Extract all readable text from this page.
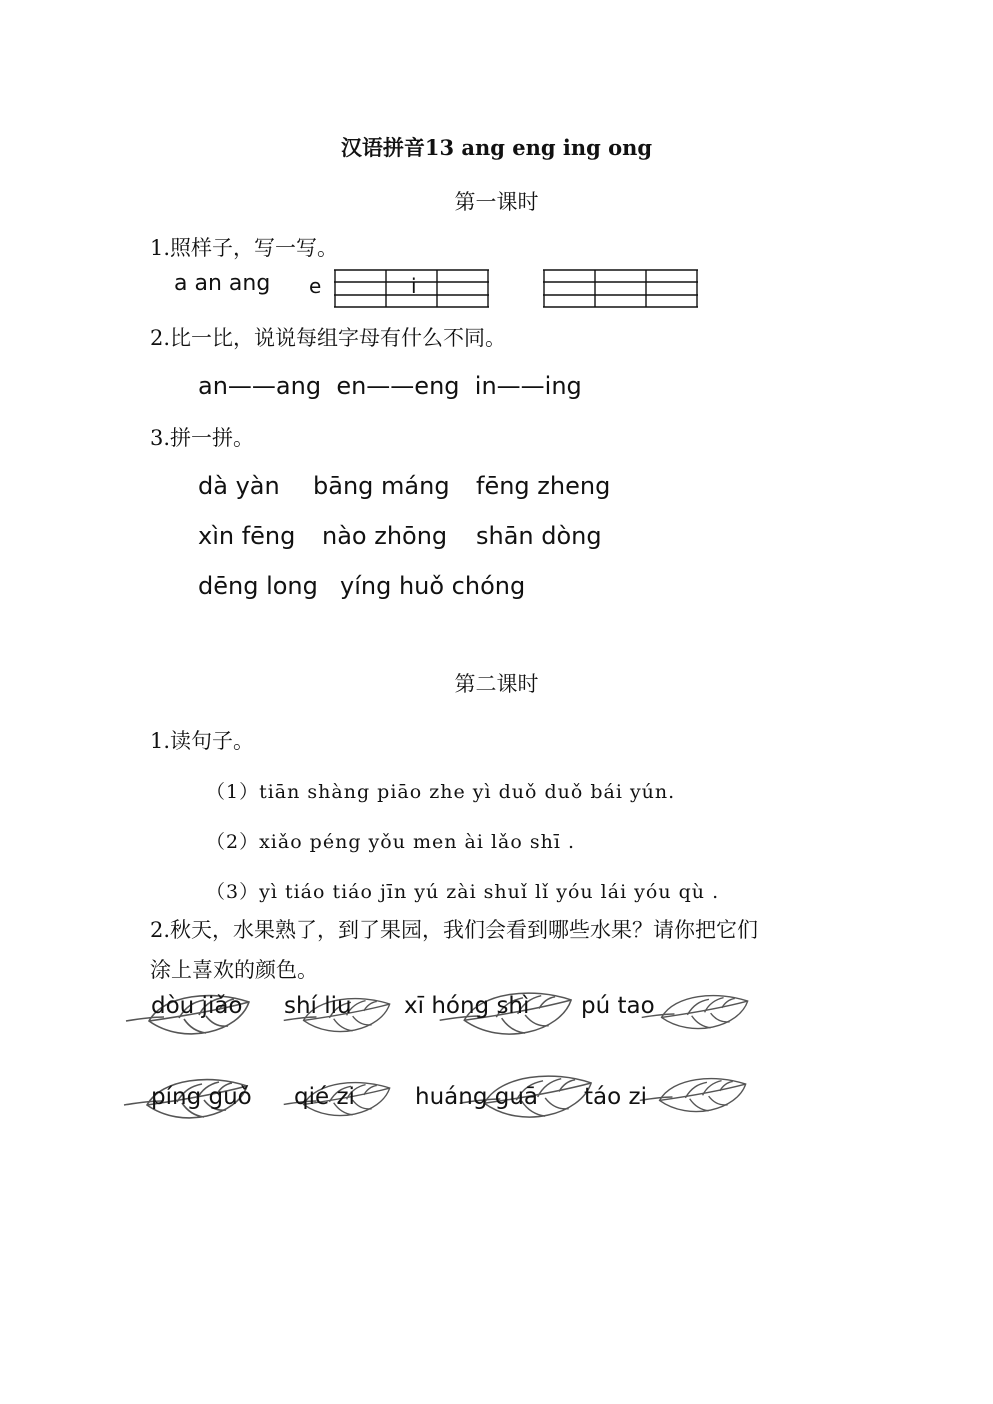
汉语拼音13 ang eng ing ong
第一课时
1.照样子，写一写。
a an ang e	i
2.比一比，说说每组字母有什么不同。
an——ang  en——eng  in——ing
3.拼一拼。
dà yàn bāng máng fēng zheng
xìn fēng nào zhōng shān dòng
dēng long yíng huǒ chóng
第二课时
1.读句子。
（1）tiān shàng piāo zhe yì duǒ duǒ bái yún.
（2）xiǎo péng yǒu men ài lǎo shī .
（3）yì tiáo tiáo jīn yú zài shuǐ lǐ yóu lái yóu qù .
2.秋天，水果熟了，到了果园，我们会看到哪些水果？请你把它们
涂上喜欢的颜色。
dòu jiǎo shí liu xī hóng shì pú tao
píng guǒ qié zi	huáng guā táo zi
